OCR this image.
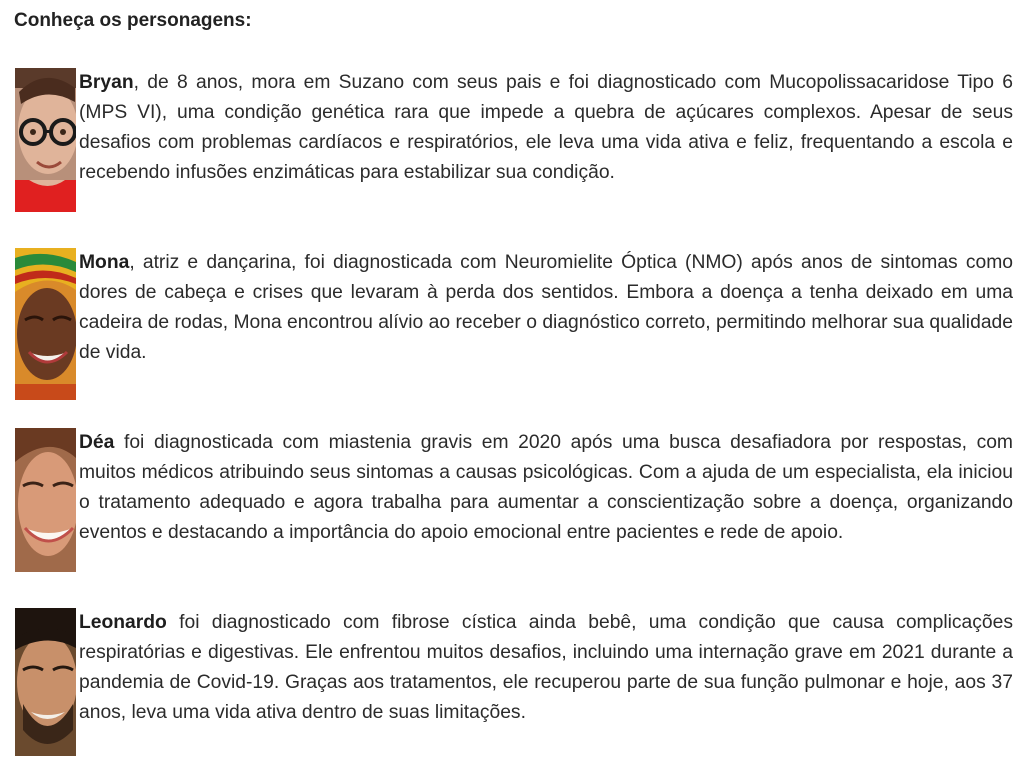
Conheça os personagens:

Bryan, de 8 anos, mora em Suzano com seus pais e foi diagnosticado com Mucopolissacaridose Tipo 6 (MPS VI), uma condição genética rara que impede a quebra de açúcares complexos. Apesar de seus desafios com problemas cardíacos e respiratórios, ele leva uma vida ativa e feliz, frequentando a escola e recebendo infusões enzimáticas para estabilizar sua condição.

Mona, atriz e dançarina, foi diagnosticada com Neuromielite Óptica (NMO) após anos de sintomas como dores de cabeça e crises que levaram à perda dos sentidos. Embora a doença a tenha deixado em uma cadeira de rodas, Mona encontrou alívio ao receber o diagnóstico correto, permitindo melhorar sua qualidade de vida.

Déa foi diagnosticada com miastenia gravis em 2020 após uma busca desafiadora por respostas, com muitos médicos atribuindo seus sintomas a causas psicológicas. Com a ajuda de um especialista, ela iniciou o tratamento adequado e agora trabalha para aumentar a conscientização sobre a doença, organizando eventos e destacando a importância do apoio emocional entre pacientes e rede de apoio.

Leonardo foi diagnosticado com fibrose cística ainda bebê, uma condição que causa complicações respiratórias e digestivas. Ele enfrentou muitos desafios, incluindo uma internação grave em 2021 durante a pandemia de Covid-19. Graças aos tratamentos, ele recuperou parte de sua função pulmonar e hoje, aos 37 anos, leva uma vida ativa dentro de suas limitações.
